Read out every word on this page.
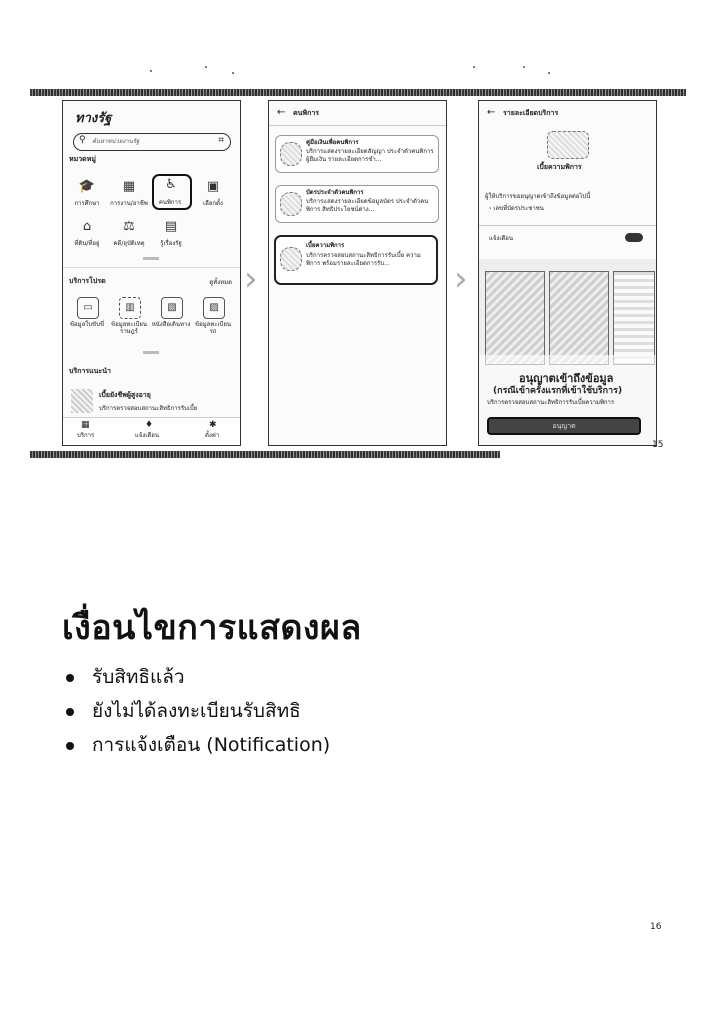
ทางรัฐ
⚲ ค้นหาหน่วยงานรัฐ	⌗
หมวดหมู่
🎓
การศึกษา
▦
การงาน/อาชีพ
♿
คนพิการ
▣
เลือกตั้ง
⌂
ที่ดิน/ที่อยู่
⚖
คดี/อุบัติเหตุ
▤
รู้เรื่องรัฐ
บริการโปรด	ดูทั้งหมด
▭
ข้อมูลใบขับขี่
▥
ข้อมูลทะเบียนราษฎร์
▧
หนังสือเดินทาง
▨
ข้อมูลทะเบียนรถ
บริการแนะนำ
เบี้ยยังชีพผู้สูงอายุ
บริการตรวจสอบสถานะสิทธิการรับเบี้ย
▦
บริการ
♦
แจ้งเตือน
✱
ตั้งค่า
›
← คนพิการ
คู่มือเงินเพื่อคนพิการ
บริการแสดงรายละเอียดสัญญา ประจำตัวคนพิการผู้ยืมเงิน รายละเอียดการชำ...
บัตรประจำตัวคนพิการ
บริการแสดงรายละเอียดข้อมูลบัตร ประจำตัวคนพิการ สิทธิประโยชน์ต่าง...
เบี้ยความพิการ
บริการตรวจสอบสถานะสิทธิการรับเบี้ย ความพิการ พร้อมรายละเอียดการรับ...	›
← รายละเอียดบริการ
เบี้ยความพิการ
ผู้ให้บริการขออนุญาตเข้าถึงข้อมูลต่อไปนี้
› เลขที่บัตรประชาชน
แจ้งเตือน
อนุญาตเข้าถึงข้อมูล
(กรณีเข้าครั้งแรกที่เข้าใช้บริการ)
บริการตรวจสอบสถานะสิทธิการรับเบี้ยความพิการ
อนุญาต
15
เงื่อนไขการแสดงผล
รับสิทธิแล้ว
ยังไม่ได้ลงทะเบียนรับสิทธิ
การแจ้งเตือน (Notification)
16
